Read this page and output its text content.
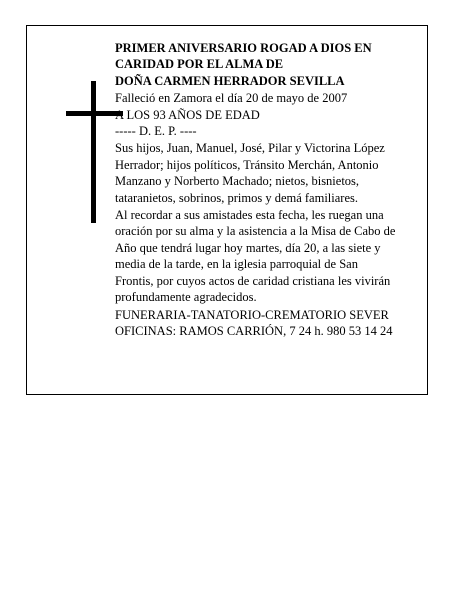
PRIMER ANIVERSARIO ROGAD A DIOS EN

CARIDAD POR EL ALMA DE

DOÑA CARMEN HERRADOR SEVILLA

Falleció en Zamora el día 20 de mayo de 2007

A LOS 93 AÑOS DE EDAD

----- D. E. P. ----

Sus hijos, Juan, Manuel, José, Pilar y Victorina López

Herrador; hijos políticos, Tránsito Merchán, Antonio

Manzano y Norberto Machado; nietos, bisnietos,

tataranietos, sobrinos, primos y demá familiares.

Al recordar a sus amistades esta fecha, les ruegan una

oración por su alma y la asistencia a la Misa de Cabo de

Año que tendrá lugar hoy martes, día 20, a las siete y

media de la tarde, en la iglesia parroquial de San

Frontis, por cuyos actos de caridad cristiana les vivirán

profundamente agradecidos.

FUNERARIA-TANATORIO-CREMATORIO SEVER

OFICINAS: RAMOS CARRIÓN, 7 24 h. 980 53 14 24
